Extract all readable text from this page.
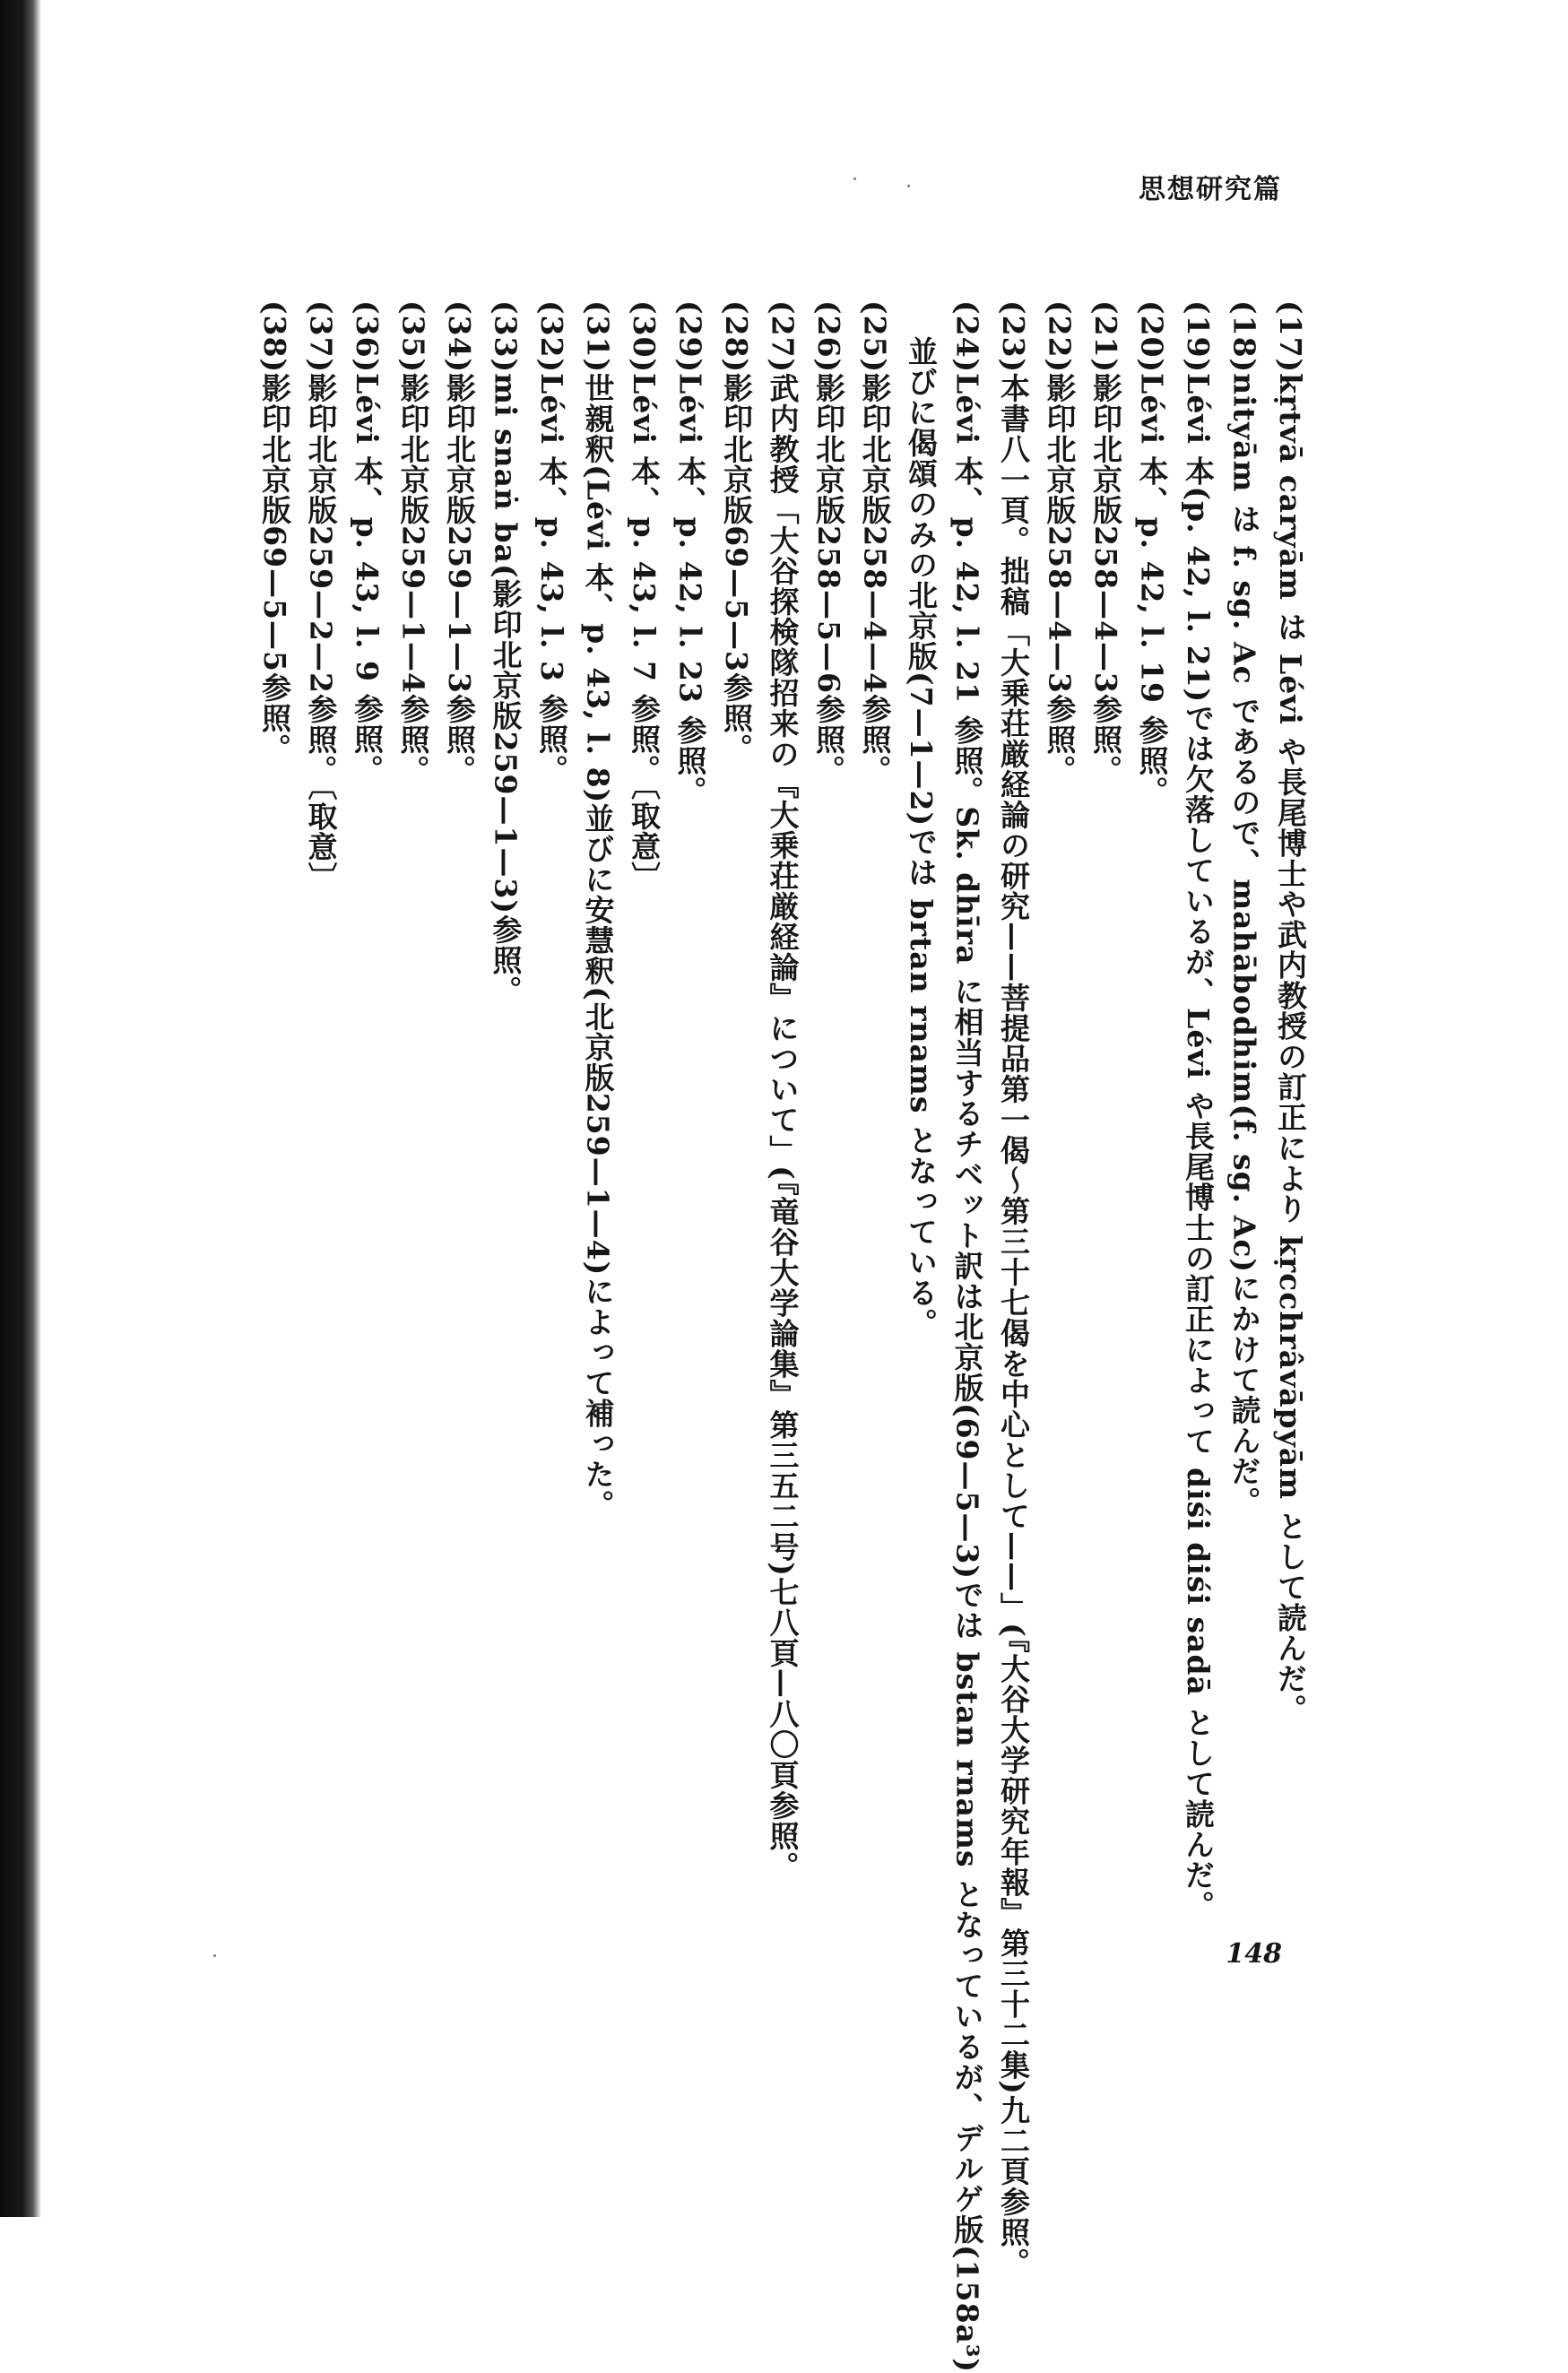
思想研究篇
(17)kṛtvā caryām は Lévi や長尾博士や武内教授の訂正により kṛcchrâvāpyām として読んだ。
(18)nityām は f. sg. Ac であるので、mahābodhim(f. sg. Ac)にかけて読んだ。
(19)Lévi 本(p. 42, l. 21)では欠落しているが、Lévi や長尾博士の訂正によって diśi diśi sadā として読んだ。
(20)Lévi 本、p. 42, l. 19 参照。
(21)影印北京版258—4—3参照。
(22)影印北京版258—4—3参照。
(23)本書八一頁。拙稿「大乗荘厳経論の研究——菩提品第一偈～第三十七偈を中心として——」(『大谷大学研究年報』第三十二集)九二頁参照。
(24)Lévi 本、p. 42, l. 21 参照。Sk. dhīra に相当するチベット訳は北京版(69—5—3)では bstan rnams となっているが、デルゲ版(158a³)
並びに偈頌のみの北京版(7—1—2)では brtan rnams となっている。
(25)影印北京版258—4—4参照。
(26)影印北京版258—5—6参照。
(27)武内教授「大谷探検隊招来の『大乗荘厳経論』について」(『竜谷大学論集』第三五二号)七八頁—八〇頁参照。
(28)影印北京版69—5—3参照。
(29)Lévi 本、p. 42, l. 23 参照。
(30)Lévi 本、p. 43, l. 7 参照。〔取意〕
(31)世親釈(Lévi 本、p. 43, l. 8)並びに安慧釈(北京版259—1—4)によって補った。
(32)Lévi 本、p. 43, l. 3 参照。
(33)mi snaṅ ba(影印北京版259—1—3)参照。
(34)影印北京版259—1—3参照。
(35)影印北京版259—1—4参照。
(36)Lévi 本、p. 43, l. 9 参照。
(37)影印北京版259—2—2参照。〔取意〕
(38)影印北京版69—5—5参照。
148
